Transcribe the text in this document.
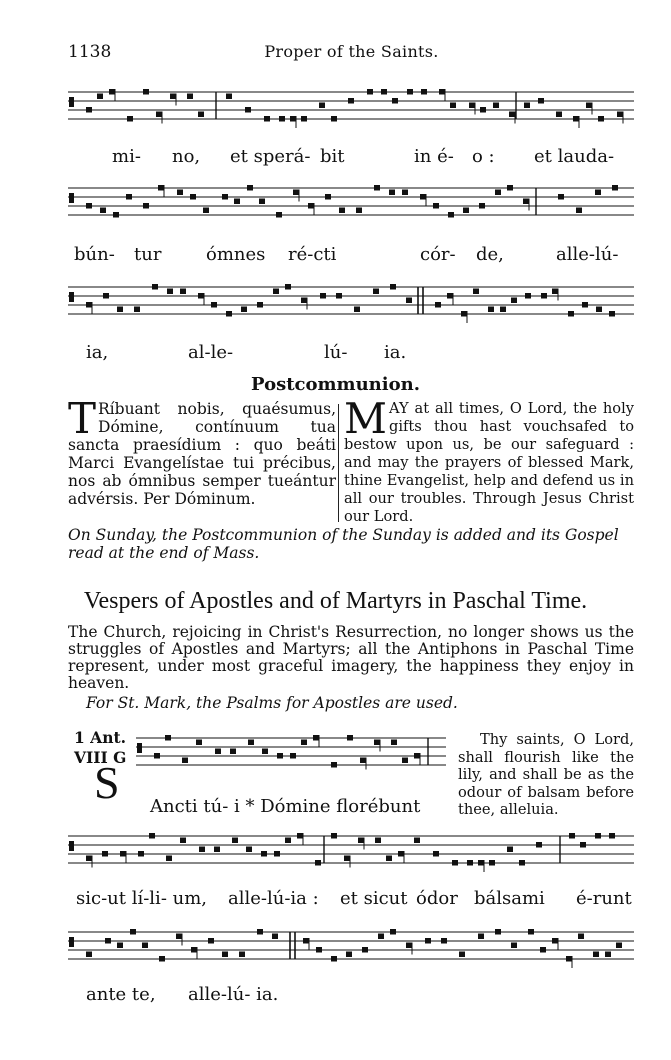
1138	Proper of the Saints.
mi- no, et sperá- bit	in é- o : et lauda-
bún- tur ómnes ré-cti	cór- de,	alle-lú-
ia,	al-le-	lú- ia.
Postcommunion.
T Ríbuant nobis, quaésumus, Dómine, contínuum tua sancta praesídium : quo beáti Marci Evangelístae tui précibus, nos ab ómnibus semper tueántur advérsis. Per Dóminum.
MAY at all times, O Lord, the holy gifts thou hast vouchsafed to bestow upon us, be our safeguard : and may the prayers of blessed Mark, thine Evangelist, help and defend us in all our troubles. Through Jesus Christ our Lord.
On Sunday, the Postcommunion of the Sunday is added and its Gospel read at the end of Mass.
Vespers of Apostles and of Martyrs in Paschal Time.
The Church, rejoicing in Christ's Resurrection, no longer shows us the struggles of Apostles and Martyrs; all the Antiphons in Paschal Time represent, under most graceful imagery, the happiness they enjoy in heaven.
For St. Mark, the Psalms for Apostles are used.
1 Ant.
VIII G
S Ancti tú- i * Dómine florébunt

Thy saints, O Lord, shall flourish like the lily, and shall be as the odour of balsam before thee, alleluia.

sic-ut lí-li- um, alle-lú-ia : et sicut ódor bálsami é-runt
ante te, alle-lú- ia.
